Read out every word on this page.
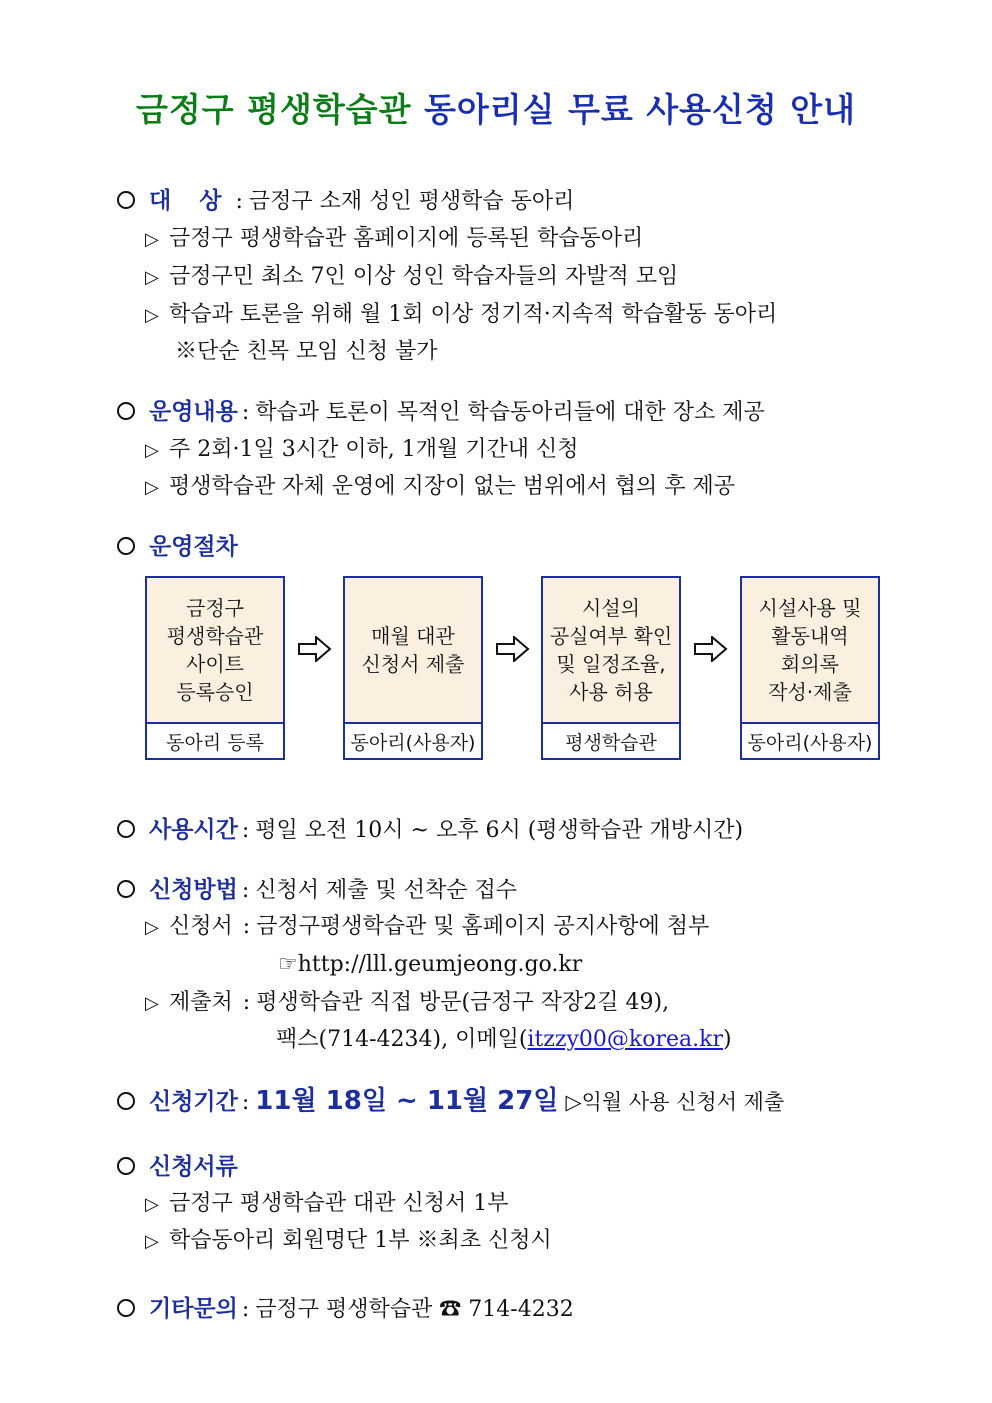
금정구 평생학습관 동아리실 무료 사용신청 안내
대 상 : 금정구 소재 성인 평생학습 동아리
▷ 금정구 평생학습관 홈페이지에 등록된 학습동아리
▷ 금정구민 최소 7인 이상 성인 학습자들의 자발적 모임
▷ 학습과 토론을 위해 월 1회 이상 정기적·지속적 학습활동 동아리
※단순 친목 모임 신청 불가
운영내용 : 학습과 토론이 목적인 학습동아리들에 대한 장소 제공
▷ 주 2회·1일 3시간 이하, 1개월 기간내 신청
▷ 평생학습관 자체 운영에 지장이 없는 범위에서 협의 후 제공
운영절차
금정구
평생학습관
사이트
등록승인
동아리 등록
매월 대관
신청서 제출
동아리(사용자)
시설의
공실여부 확인
및 일정조율,
사용 허용
평생학습관
시설사용 및
활동내역
회의록
작성·제출
동아리(사용자)
사용시간 : 평일 오전 10시 ~ 오후 6시 (평생학습관 개방시간)
신청방법 : 신청서 제출 및 선착순 접수
▷ 신청서 : 금정구평생학습관 및 홈페이지 공지사항에 첨부
☞http://lll.geumjeong.go.kr
▷ 제출처 : 평생학습관 직접 방문(금정구 작장2길 49),
팩스(714-4234), 이메일(itzzy00@korea.kr)
신청기간 : 11월 18일 ~ 11월 27일 ▷익월 사용 신청서 제출
신청서류
▷ 금정구 평생학습관 대관 신청서 1부
▷ 학습동아리 회원명단 1부 ※최초 신청시
기타문의 : 금정구 평생학습관 ☎ 714-4232
